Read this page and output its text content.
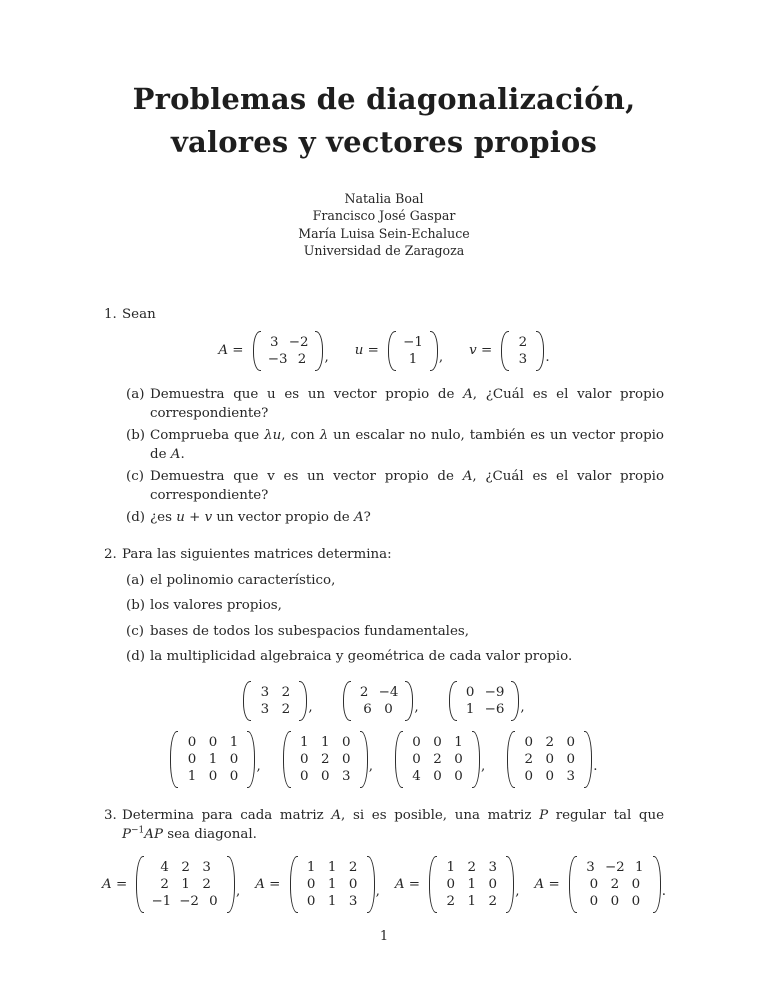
Problemas de diagonalización,
valores y vectores propios
Natalia Boal
Francisco José Gaspar
María Luisa Sein-Echaluce
Universidad de Zaragoza
1. Sean
A =
3 −2
−3 2	, u =
−1
1	, v =
2
3	.
(a) Demuestra que u es un vector propio de A, ¿Cuál es el valor propio correspondiente?
(b) Comprueba que λu, con λ un escalar no nulo, también es un vector propio de A.
(c) Demuestra que v es un vector propio de A, ¿Cuál es el valor propio correspondiente?
(d) ¿es u + v un vector propio de A?
2. Para las siguientes matrices determina:
(a) el polinomio característico,
(b) los valores propios,
(c) bases de todos los subespacios fundamentales,
(d) la multiplicidad algebraica y geométrica de cada valor propio.
3 2
3 2	,
2 −4
6 0	,
0 −9
1 −6 ,
0 0 1
0 1 0
1 0 0
,
1 1 0
0 2 0
0 0 3
,
0 0 1
0 2 0
4 0 0
,
0 2 0
2 0 0
0 0 3
.
3. Determina para cada matriz A, si es posible, una matriz P regular tal que $P^{-1}AP$ sea diagonal.
A =
4 2 3
2 1 2
−1 −2 0
, A =
1 1 2
0 1 0
0 1 3
, A =
1 2 3
0 1 0
2 1 2
, A =
3 −2 1
0 2 0
0 0 0
.
1
